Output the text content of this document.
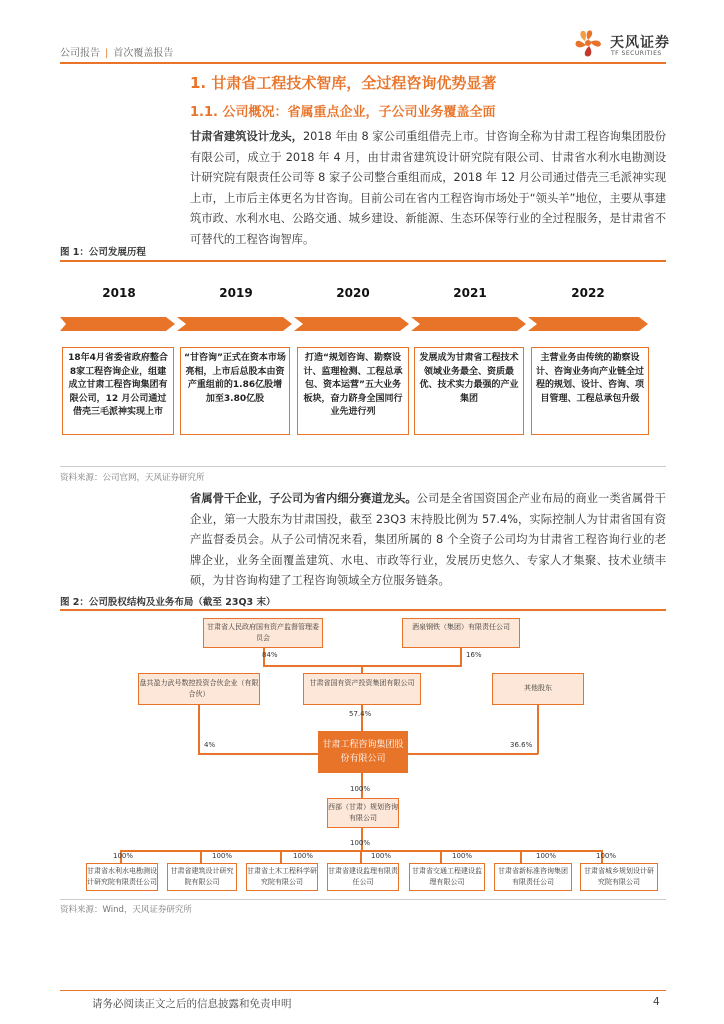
公司报告 | 首次覆盖报告
天风证券
TF SECURITIES
1. 甘肃省工程技术智库，全过程咨询优势显著
1.1. 公司概况：省属重点企业，子公司业务覆盖全面
甘肃省建筑设计龙头，2018 年由 8 家公司重组借壳上市。甘咨询全称为甘肃工程咨询集团股份有限公司，成立于 2018 年 4 月，由甘肃省建筑设计研究院有限公司、甘肃省水利水电勘测设计研究院有限责任公司等 8 家子公司整合重组而成，2018 年 12 月公司通过借壳三毛派神实现上市，上市后主体更名为甘咨询。目前公司在省内工程咨询市场处于“领头羊”地位，主要从事建筑市政、水利水电、公路交通、城乡建设、新能源、生态环保等行业的全过程服务，是甘肃省不可替代的工程咨询智库。
图 1：公司发展历程
2018	2019	2020	2021	2022
18年4月省委省政府整合8家工程咨询企业，组建成立甘肃工程咨询集团有限公司，12 月公司通过借壳三毛派神实现上市
“甘咨询”正式在资本市场亮相，上市后总股本由资产重组前的1.86亿股增加至3.80亿股
打造“规划咨询、勘察设计、监理检测、工程总承包、资本运营”五大业务板块，奋力跻身全国同行业先进行列
发展成为甘肃省工程技术领域业务最全、资质最优、技术实力最强的产业集团
主营业务由传统的勘察设计、咨询业务向产业链全过程的规划、设计、咨询、项目管理、工程总承包升级
资料来源：公司官网，天风证券研究所
省属骨干企业，子公司为省内细分赛道龙头。公司是全省国资国企产业布局的商业一类省属骨干企业，第一大股东为甘肃国投，截至 23Q3 末持股比例为 57.4%，实际控制人为甘肃省国有资产监督委员会。从子公司情况来看，集团所属的 8 个全资子公司均为甘肃省工程咨询行业的老牌企业，业务全面覆盖建筑、水电、市政等行业，发展历史悠久、专家人才集聚、技术业绩丰硕，为甘咨询构建了工程咨询领域全方位服务链条。
图 2：公司股权结构及业务布局（截至 23Q3 末）
甘肃省人民政府国有资产监督管理委员会
酒泉钢铁（集团）有限责任公司
84%	16%
盘共盈力武号数控投资合伙企业（有限合伙）
甘肃省国有资产投资集团有限公司
其他股东
57.4%
4%	36.6%
甘肃工程咨询集团股份有限公司
100%
西部（甘肃）规划咨询有限公司
100%
100%	100%	100%	100%	100%	100%	100%
甘肃省水利水电勘测设计研究院有限责任公司
甘肃省建筑设计研究院有限公司
甘肃省土木工程科学研究院有限公司
甘肃省建设监理有限责任公司
甘肃省交通工程建设监理有限公司
甘肃省新标准咨询集团有限责任公司
甘肃省城乡规划设计研究院有限公司
资料来源：Wind，天风证券研究所
请务必阅读正文之后的信息披露和免责申明	4
